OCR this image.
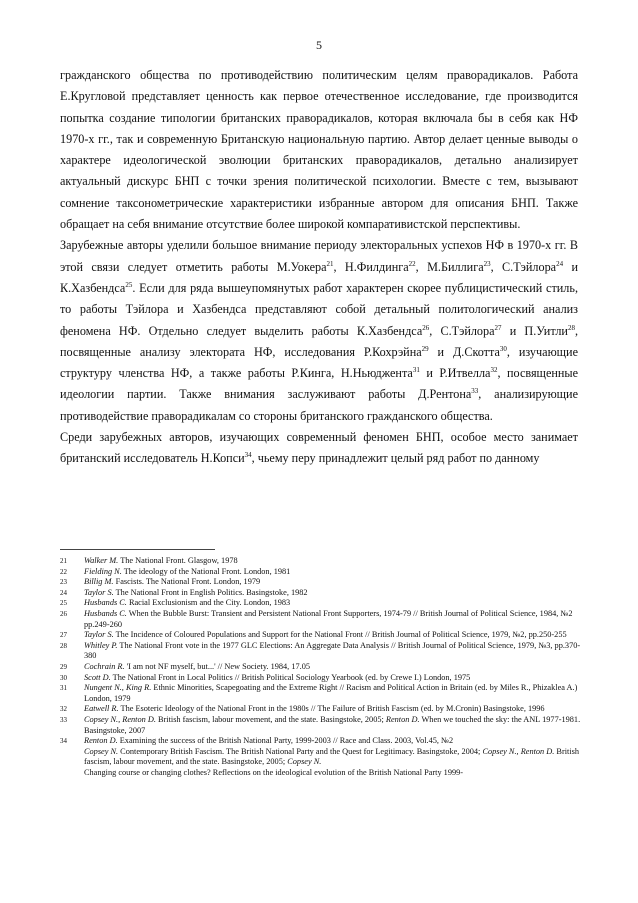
5

гражданского общества по противодействию политическим целям праворадикалов. Работа Е.Кругловой представляет ценность как первое отечественное исследование, где производится попытка создание типологии британских праворадикалов, которая включала бы в себя как НФ 1970-х гг., так и современную Британскую национальную партию. Автор делает ценные выводы о характере идеологической эволюции британских праворадикалов, детально анализирует актуальный дискурс БНП с точки зрения политической психологии. Вместе с тем, вызывают сомнение таксонометрические характеристики избранные автором для описания БНП. Также обращает на себя внимание отсутствие более широкой компаративистской перспективы.

Зарубежные авторы уделили большое внимание периоду электоральных успехов НФ в 1970-х гг. В этой связи следует отметить работы М.Уокера$^{21}$, Н.Филдинга$^{22}$, М.Биллига$^{23}$, С.Тэйлора$^{24}$ и К.Хазбендса$^{25}$. Если для ряда вышеупомянутых работ характерен скорее публицистический стиль, то работы Тэйлора и Хазбендса представляют собой детальный политологический анализ феномена НФ. Отдельно следует выделить работы К.Хазбендса$^{26}$, С.Тэйлора$^{27}$ и П.Уитли$^{28}$, посвященные анализу электората НФ, исследования Р.Кохрэйна$^{29}$ и Д.Скотта$^{30}$, изучающие структуру членства НФ, а также работы Р.Кинга, Н.Ньюджента$^{31}$ и Р.Итвелла$^{32}$, посвященные идеологии партии. Также внимания заслуживают работы Д.Рентона$^{33}$, анализирующие противодействие праворадикалам со стороны британского гражданского общества.

Среди зарубежных авторов, изучающих современный феномен БНП, особое место занимает британский исследователь Н.Копси$^{34}$, чьему перу принадлежит целый ряд работ по данному

21	Walker M. The National Front. Glasgow, 1978
22	Fielding N. The ideology of the National Front. London, 1981
23	Billig M. Fascists. The National Front. London, 1979
24	Taylor S. The National Front in English Politics. Basingstoke, 1982
25	Husbands C. Racial Exclusionism and the City. London, 1983
26	Husbands C. When the Bubble Burst: Transient and Persistent National Front Supporters, 1974-79 // British Journal of Political Science, 1984, №2 pp.249-260
27	Taylor S. The Incidence of Coloured Populations and Support for the National Front // British Journal of Political Science, 1979, №2, pp.250-255
28	Whitley P. The National Front vote in the 1977 GLC Elections: An Aggregate Data Analysis // British Journal of Political Science, 1979, №3, pp.370-380
29	Cochrain R. 'I am not NF myself, but...' // New Society. 1984, 17.05
30	Scott D. The National Front in Local Politics // British Political Sociology Yearbook (ed. by Crewe I.) London, 1975
31	Nungent N., King R. Ethnic Minorities, Scapegoating and the Extreme Right // Racism and Political Action in Britain (ed. by Miles R., Phizaklea A.) London, 1979
32	Eatwell R. The Esoteric Ideology of the National Front in the 1980s // The Failure of British Fascism (ed. by M.Cronin) Basingstoke, 1996
33	Copsey N., Renton D. British fascism, labour movement, and the state. Basingstoke, 2005; Renton D. When we touched the sky: the ANL 1977-1981. Basingstoke, 2007
34	Renton D. Examining the success of the British National Party, 1999-2003 // Race and Class. 2003, Vol.45, №2
Copsey N. Contemporary British Fascism. The British National Party and the Quest for Legitimacy. Basingstoke, 2004; Copsey N., Renton D. British fascism, labour movement, and the state. Basingstoke, 2005; Copsey N.
Changing course or changing clothes? Reflections on the ideological evolution of the British National Party 1999-
